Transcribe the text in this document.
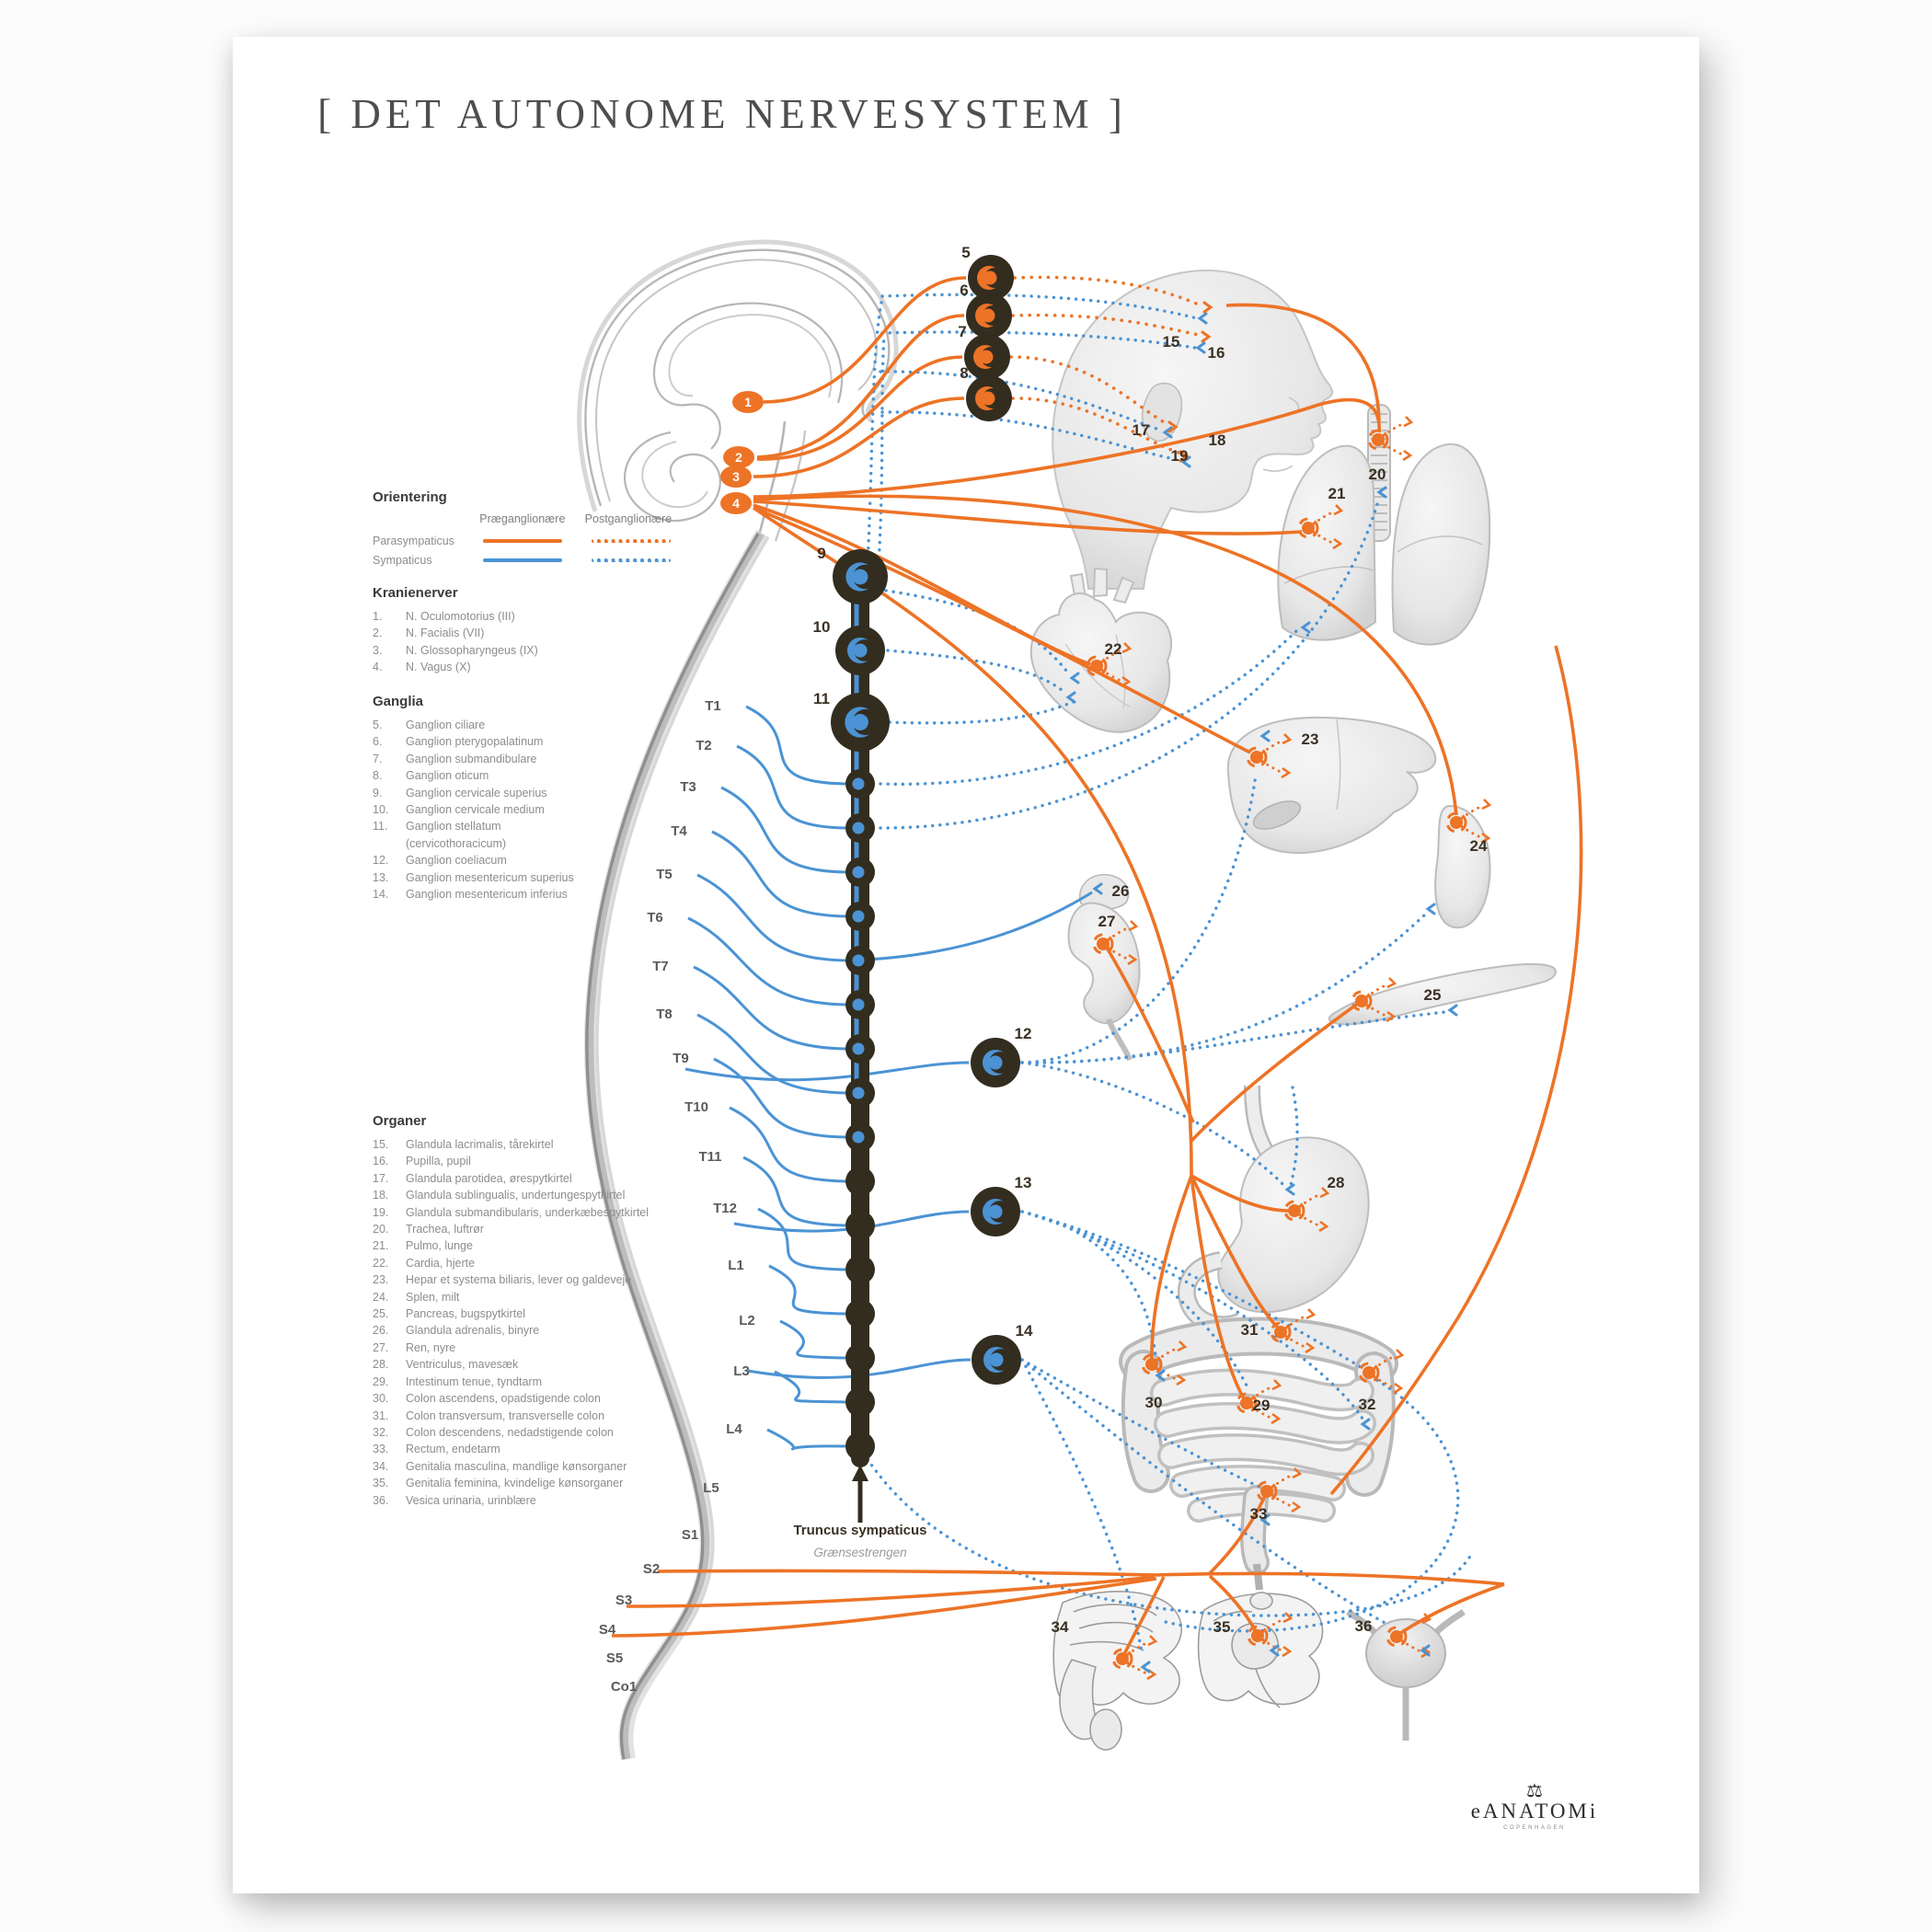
[ DET AUTONOME NERVESYSTEM ]
1
2
3
4
5
6
7
8
9
10
11
12
13
14
15
16
17
18
19
20
21
22
23
24
25
26
27
28
29
30
31
32
33
34	35	36
T1
T2
T3
T4
T5
T6
T7
T8
T9
T10
T11
T12
L1
L2
L3
L4
L5
S1
S2
S3
S4
S5
Co1
Truncus sympaticus
Grænsestrengen
Orientering
Præganglionære	Postganglionære
Parasympaticus
Sympaticus
Kranienerver
1.	N. Oculomotorius (III)
2.	N. Facialis (VII)
3.	N. Glossopharyngeus (IX)
4.	N. Vagus (X)
Ganglia
5.	Ganglion ciliare
6.	Ganglion pterygopalatinum
7.	Ganglion submandibulare
8.	Ganglion oticum
9.	Ganglion cervicale superius
10.	Ganglion cervicale medium
11.	Ganglion stellatum
(cervicothoracicum)
12.	Ganglion coeliacum
13.	Ganglion mesentericum superius
14.	Ganglion mesentericum inferius
Organer
15.	Glandula lacrimalis, tårekirtel
16.	Pupilla, pupil
17.	Glandula parotidea, ørespytkirtel
18.	Glandula sublingualis, undertungespytkirtel
19.	Glandula submandibularis, underkæbespytkirtel
20.	Trachea, luftrør
21.	Pulmo, lunge
22.	Cardia, hjerte
23.	Hepar et systema biliaris, lever og galdeveje
24.	Splen, milt
25.	Pancreas, bugspytkirtel
26.	Glandula adrenalis, binyre
27.	Ren, nyre
28.	Ventriculus, mavesæk
29.	Intestinum tenue, tyndtarm
30.	Colon ascendens, opadstigende colon
31.	Colon transversum, transverselle colon
32.	Colon descendens, nedadstigende colon
33.	Rectum, endetarm
34.	Genitalia masculina, mandlige kønsorganer
35.	Genitalia feminina, kvindelige kønsorganer
36.	Vesica urinaria, urinblære
⚖
eANATOMi
COPENHAGEN
